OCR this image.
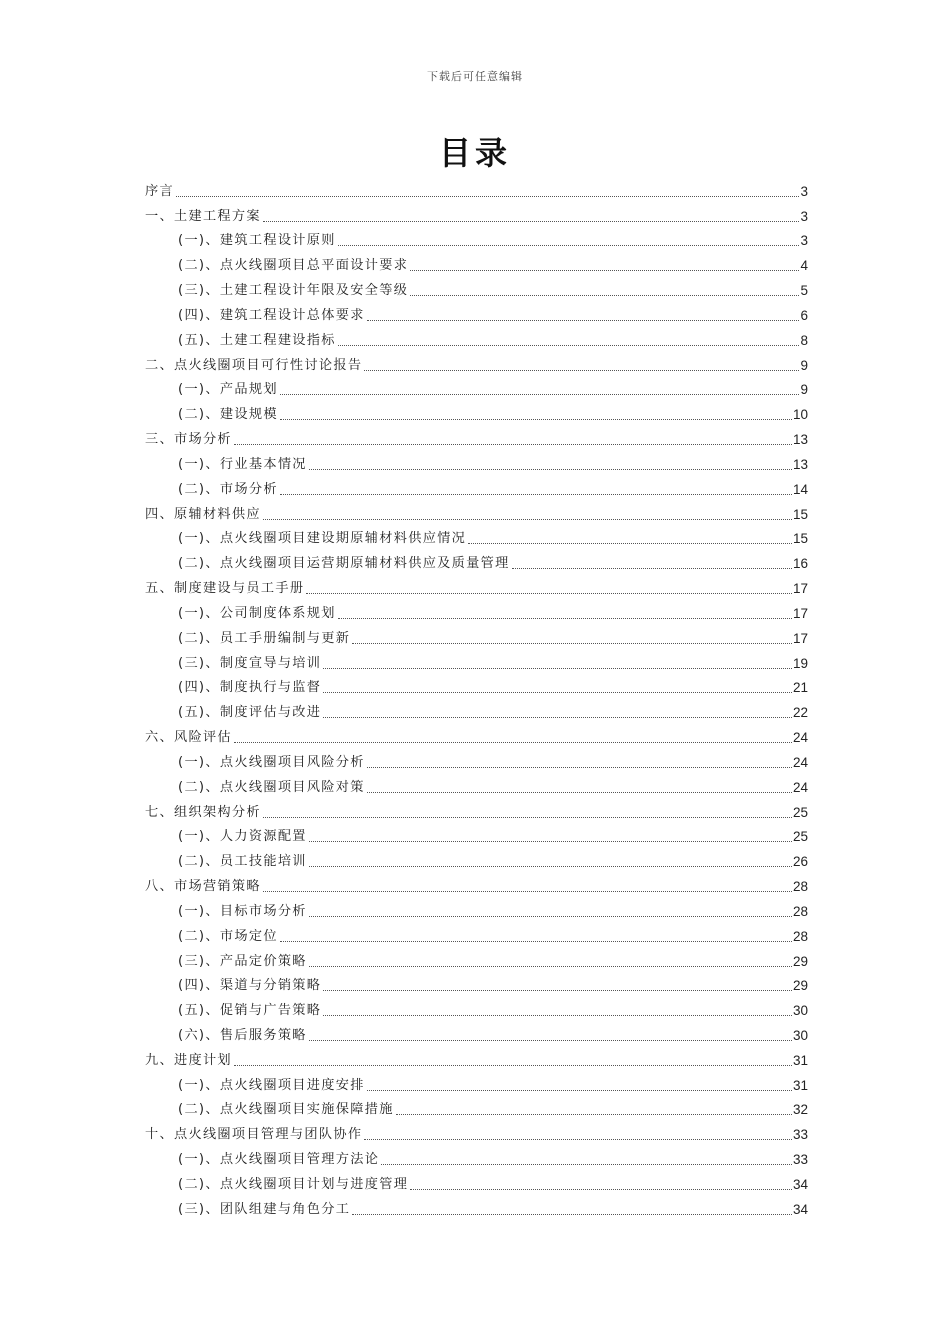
下载后可任意编辑
目录
序言	3
一、土建工程方案	3
(一)、建筑工程设计原则	3
(二)、点火线圈项目总平面设计要求	4
(三)、土建工程设计年限及安全等级	5
(四)、建筑工程设计总体要求	6
(五)、土建工程建设指标	8
二、点火线圈项目可行性讨论报告	9
(一)、产品规划	9
(二)、建设规模	10
三、市场分析	13
(一)、行业基本情况	13
(二)、市场分析	14
四、原辅材料供应	15
(一)、点火线圈项目建设期原辅材料供应情况	15
(二)、点火线圈项目运营期原辅材料供应及质量管理	16
五、制度建设与员工手册	17
(一)、公司制度体系规划	17
(二)、员工手册编制与更新	17
(三)、制度宣导与培训	19
(四)、制度执行与监督	21
(五)、制度评估与改进	22
六、风险评估	24
(一)、点火线圈项目风险分析	24
(二)、点火线圈项目风险对策	24
七、组织架构分析	25
(一)、人力资源配置	25
(二)、员工技能培训	26
八、市场营销策略	28
(一)、目标市场分析	28
(二)、市场定位	28
(三)、产品定价策略	29
(四)、渠道与分销策略	29
(五)、促销与广告策略	30
(六)、售后服务策略	30
九、进度计划	31
(一)、点火线圈项目进度安排	31
(二)、点火线圈项目实施保障措施	32
十、点火线圈项目管理与团队协作	33
(一)、点火线圈项目管理方法论	33
(二)、点火线圈项目计划与进度管理	34
(三)、团队组建与角色分工	34
